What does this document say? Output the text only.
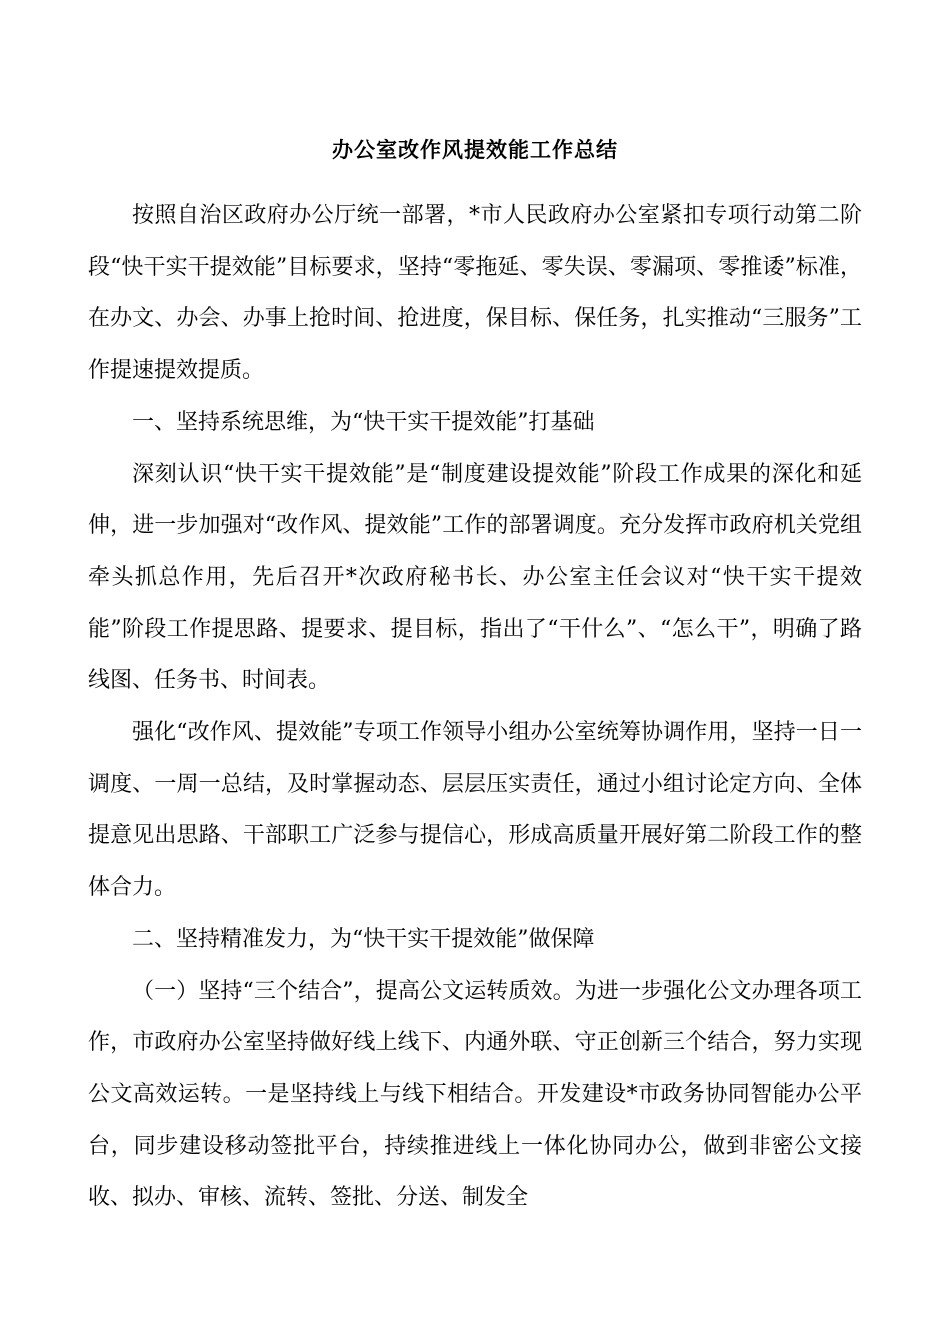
办公室改作风提效能工作总结

按照自治区政府办公厅统一部署，*市人民政府办公室紧扣专项行动第二阶段“快干实干提效能”目标要求，坚持“零拖延、零失误、零漏项、零推诿”标准，在办文、办会、办事上抢时间、抢进度，保目标、保任务，扎实推动“三服务”工作提速提效提质。

一、坚持系统思维，为“快干实干提效能”打基础

深刻认识“快干实干提效能”是“制度建设提效能”阶段工作成果的深化和延伸，进一步加强对“改作风、提效能”工作的部署调度。充分发挥市政府机关党组牵头抓总作用，先后召开*次政府秘书长、办公室主任会议对“快干实干提效能”阶段工作提思路、提要求、提目标，指出了“干什么”、“怎么干”，明确了路线图、任务书、时间表。

强化“改作风、提效能”专项工作领导小组办公室统筹协调作用，坚持一日一调度、一周一总结，及时掌握动态、层层压实责任，通过小组讨论定方向、全体提意见出思路、干部职工广泛参与提信心，形成高质量开展好第二阶段工作的整体合力。

二、坚持精准发力，为“快干实干提效能”做保障

（一）坚持“三个结合”，提高公文运转质效。为进一步强化公文办理各项工作，市政府办公室坚持做好线上线下、内通外联、守正创新三个结合，努力实现公文高效运转。一是坚持线上与线下相结合。开发建设*市政务协同智能办公平台，同步建设移动签批平台，持续推进线上一体化协同办公，做到非密公文接收、拟办、审核、流转、签批、分送、制发全
